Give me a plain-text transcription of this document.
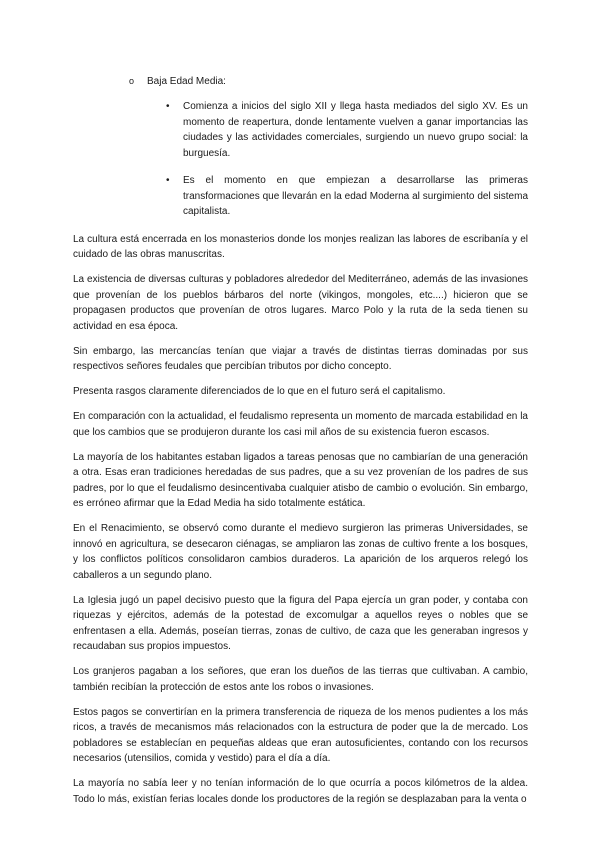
o	Baja Edad Media:
• Comienza a inicios del siglo XII y llega hasta mediados del siglo XV. Es un momento de reapertura, donde lentamente vuelven a ganar importancias las ciudades y las actividades comerciales, surgiendo un nuevo grupo social: la burguesía.
• Es el momento en que empiezan a desarrollarse las primeras transformaciones que llevarán en la edad Moderna al surgimiento del sistema capitalista.

La cultura está encerrada en los monasterios donde los monjes realizan las labores de escribanía y el cuidado de las obras manuscritas.

La existencia de diversas culturas y pobladores alrededor del Mediterráneo, además de las invasiones que provenían de los pueblos bárbaros del norte (vikingos, mongoles, etc....) hicieron que se propagasen productos que provenían de otros lugares. Marco Polo y la ruta de la seda tienen su actividad en esa época.

Sin embargo, las mercancías tenían que viajar a través de distintas tierras dominadas por sus respectivos señores feudales que percibían tributos por dicho concepto.

Presenta rasgos claramente diferenciados de lo que en el futuro será el capitalismo.

En comparación con la actualidad, el feudalismo representa un momento de marcada estabilidad en la que los cambios que se produjeron durante los casi mil años de su existencia fueron escasos.

La mayoría de los habitantes estaban ligados a tareas penosas que no cambiarían de una generación a otra. Esas eran tradiciones heredadas de sus padres, que a su vez provenían de los padres de sus padres, por lo que el feudalismo desincentivaba cualquier atisbo de cambio o evolución. Sin embargo, es erróneo afirmar que la Edad Media ha sido totalmente estática.

En el Renacimiento, se observó como durante el medievo surgieron las primeras Universidades, se innovó en agricultura, se desecaron ciénagas, se ampliaron las zonas de cultivo frente a los bosques, y los conflictos políticos consolidaron cambios duraderos. La aparición de los arqueros relegó los caballeros a un segundo plano.

La Iglesia jugó un papel decisivo puesto que la figura del Papa ejercía un gran poder, y contaba con riquezas y ejércitos, además de la potestad de excomulgar a aquellos reyes o nobles que se enfrentasen a ella. Además, poseían tierras, zonas de cultivo, de caza que les generaban ingresos y recaudaban sus propios impuestos.

Los granjeros pagaban a los señores, que eran los dueños de las tierras que cultivaban. A cambio, también recibían la protección de estos ante los robos o invasiones.

Estos pagos se convertirían en la primera transferencia de riqueza de los menos pudientes a los más ricos, a través de mecanismos más relacionados con la estructura de poder que la de mercado. Los pobladores se establecían en pequeñas aldeas que eran autosuficientes, contando con los recursos necesarios (utensilios, comida y vestido) para el día a día.

La mayoría no sabía leer y no tenían información de lo que ocurría a pocos kilómetros de la aldea. Todo lo más, existían ferias locales donde los productores de la región se desplazaban para la venta o
